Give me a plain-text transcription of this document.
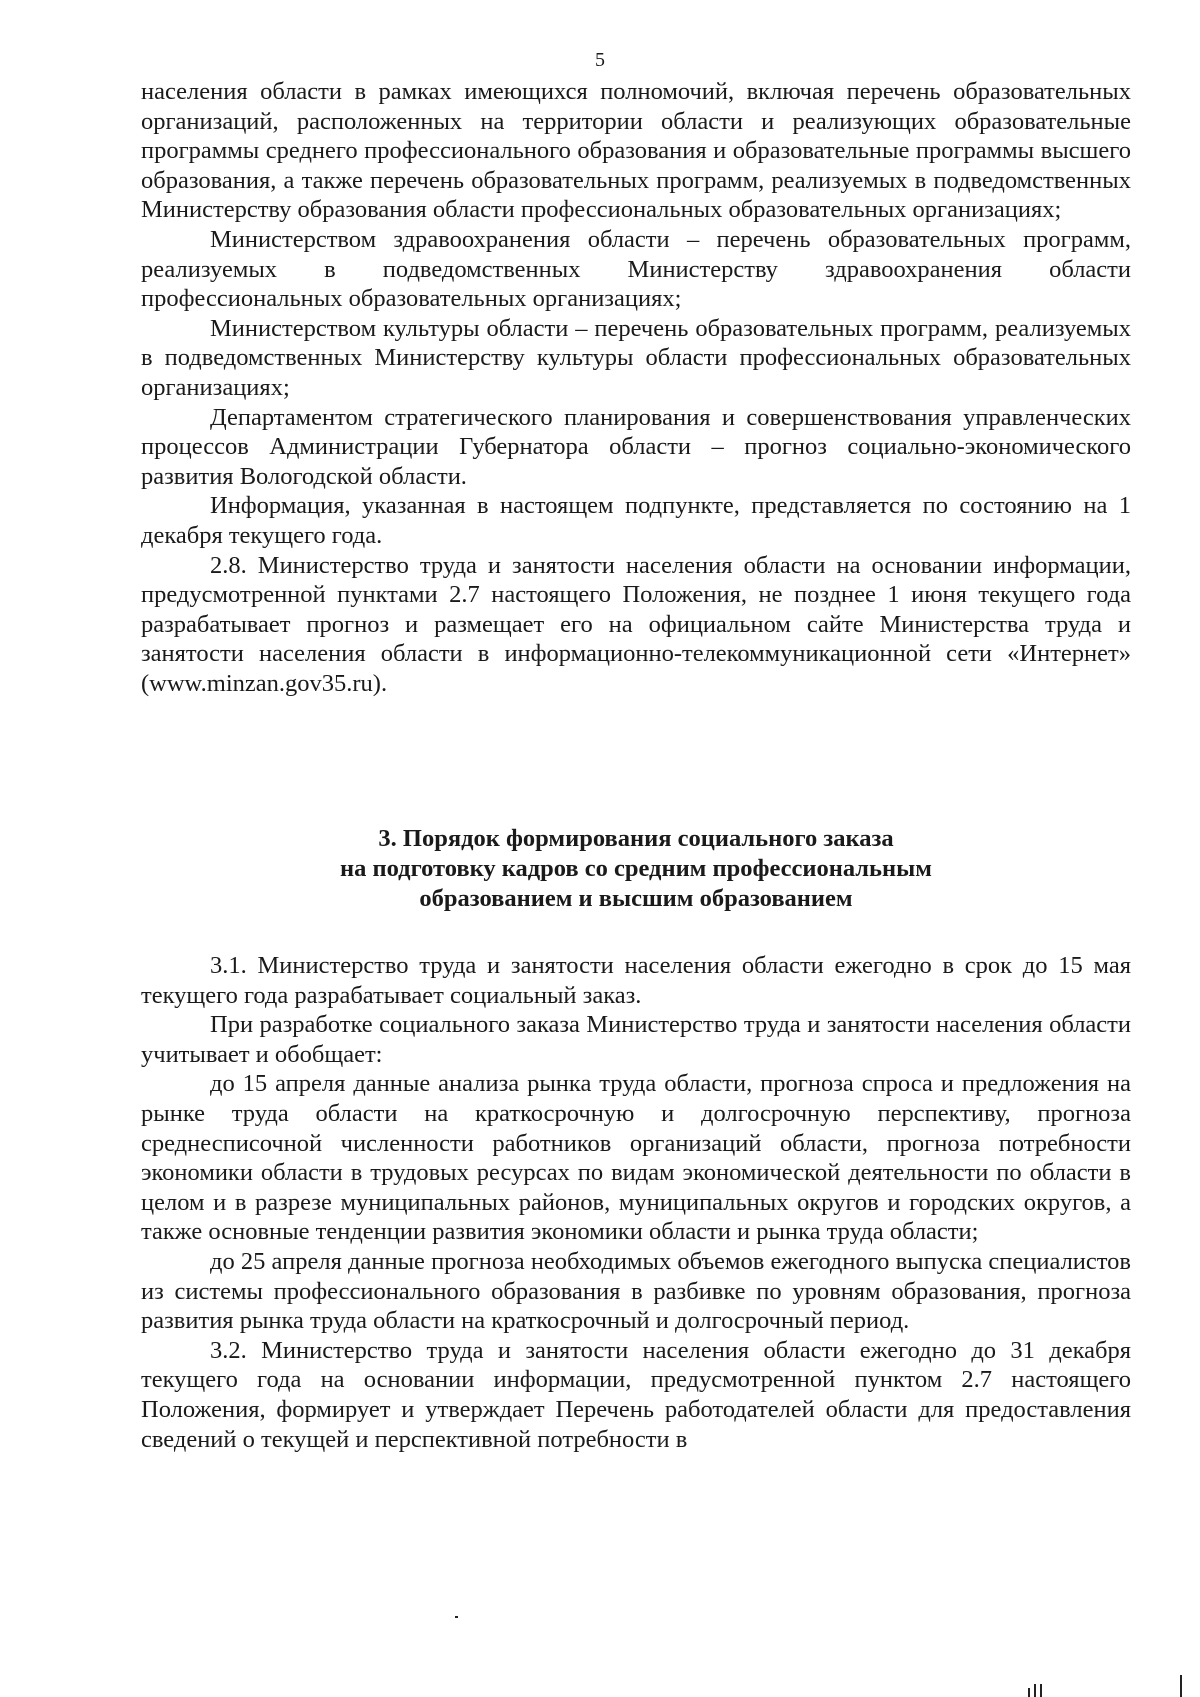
5

населения области в рамках имеющихся полномочий, включая перечень образовательных организаций, расположенных на территории области и реализующих образовательные программы среднего профессионального образования и образовательные программы высшего образования, а также перечень образовательных программ, реализуемых в подведомственных Министерству образования области профессиональных образовательных организациях;

Министерством здравоохранения области – перечень образовательных программ, реализуемых в подведомственных Министерству здравоохранения области профессиональных образовательных организациях;

Министерством культуры области – перечень образовательных программ, реализуемых в подведомственных Министерству культуры области профессиональных образовательных организациях;

Департаментом стратегического планирования и совершенствования управленческих процессов Администрации Губернатора области – прогноз социально-экономического развития Вологодской области.

Информация, указанная в настоящем подпункте, представляется по состоянию на 1 декабря текущего года.

2.8. Министерство труда и занятости населения области на основании информации, предусмотренной пунктами 2.7 настоящего Положения, не позднее 1 июня текущего года разрабатывает прогноз и размещает его на официальном сайте Министерства труда и занятости населения области в информационно-телекоммуникационной сети «Интернет» (www.minzan.gov35.ru).

3. Порядок формирования социального заказа
на подготовку кадров со средним профессиональным
образованием и высшим образованием

3.1. Министерство труда и занятости населения области ежегодно в срок до 15 мая текущего года разрабатывает социальный заказ.

При разработке социального заказа Министерство труда и занятости населения области учитывает и обобщает:

до 15 апреля данные анализа рынка труда области, прогноза спроса и предложения на рынке труда области на краткосрочную и долгосрочную перспективу, прогноза среднесписочной численности работников организаций области, прогноза потребности экономики области в трудовых ресурсах по видам экономической деятельности по области в целом и в разрезе муниципальных районов, муниципальных округов и городских округов, а также основные тенденции развития экономики области и рынка труда области;

до 25 апреля данные прогноза необходимых объемов ежегодного выпуска специалистов из системы профессионального образования в разбивке по уровням образования, прогноза развития рынка труда области на краткосрочный и долгосрочный период.

3.2. Министерство труда и занятости населения области ежегодно до 31 декабря текущего года на основании информации, предусмотренной пунктом 2.7 настоящего Положения, формирует и утверждает Перечень работодателей области для предоставления сведений о текущей и перспективной потребности в
